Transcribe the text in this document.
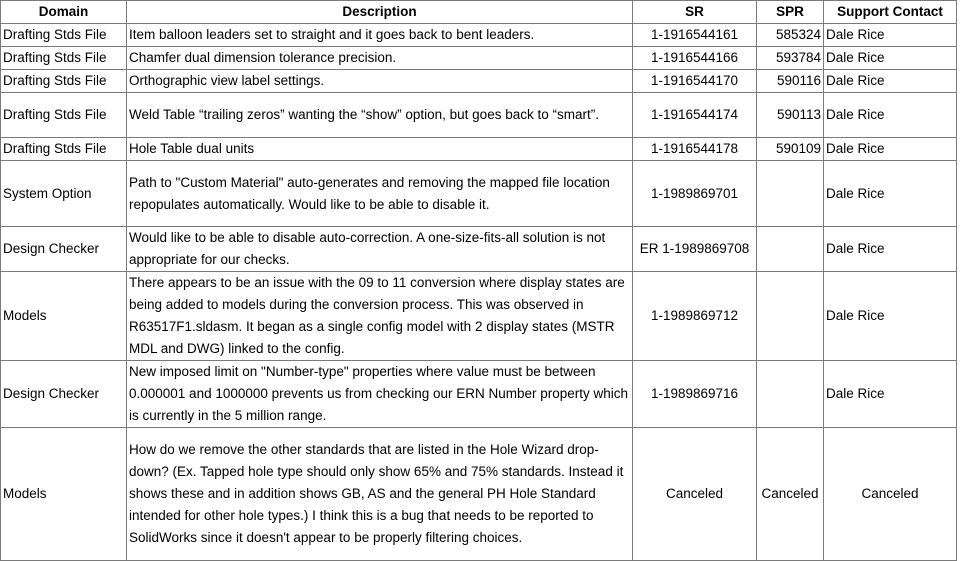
Domain	Description	SR	SPR	Support Contact
Drafting Stds File	Item balloon leaders set to straight and it goes back to bent leaders.	1-1916544161	585324	Dale Rice
Drafting Stds File	Chamfer dual dimension tolerance precision.	1-1916544166	593784	Dale Rice
Drafting Stds File	Orthographic view label settings.	1-1916544170	590116	Dale Rice
Drafting Stds File	Weld Table “trailing zeros” wanting the “show” option, but goes back to “smart”.	1-1916544174	590113	Dale Rice
Drafting Stds File	Hole Table dual units	1-1916544178	590109	Dale Rice
System Option	Path to "Custom Material" auto-generates and removing the mapped file location repopulates automatically. Would like to be able to disable it.	1-1989869701		Dale Rice
Design Checker	Would like to be able to disable auto-correction. A one-size-fits-all solution is not appropriate for our checks.	ER 1-1989869708		Dale Rice
Models	There appears to be an issue with the 09 to 11 conversion where display states are being added to models during the conversion process. This was observed in R63517F1.sldasm. It began as a single config model with 2 display states (MSTR MDL and DWG) linked to the config.	1-1989869712		Dale Rice
Design Checker	New imposed limit on "Number-type" properties where value must be between 0.000001 and 1000000 prevents us from checking our ERN Number property which is currently in the 5 million range.	1-1989869716		Dale Rice
Models	How do we remove the other standards that are listed in the Hole Wizard drop-down? (Ex. Tapped hole type should only show 65% and 75% standards. Instead it shows these and in addition shows GB, AS and the general PH Hole Standard intended for other hole types.) I think this is a bug that needs to be reported to SolidWorks since it doesn't appear to be properly filtering choices.	Canceled	Canceled	Canceled
